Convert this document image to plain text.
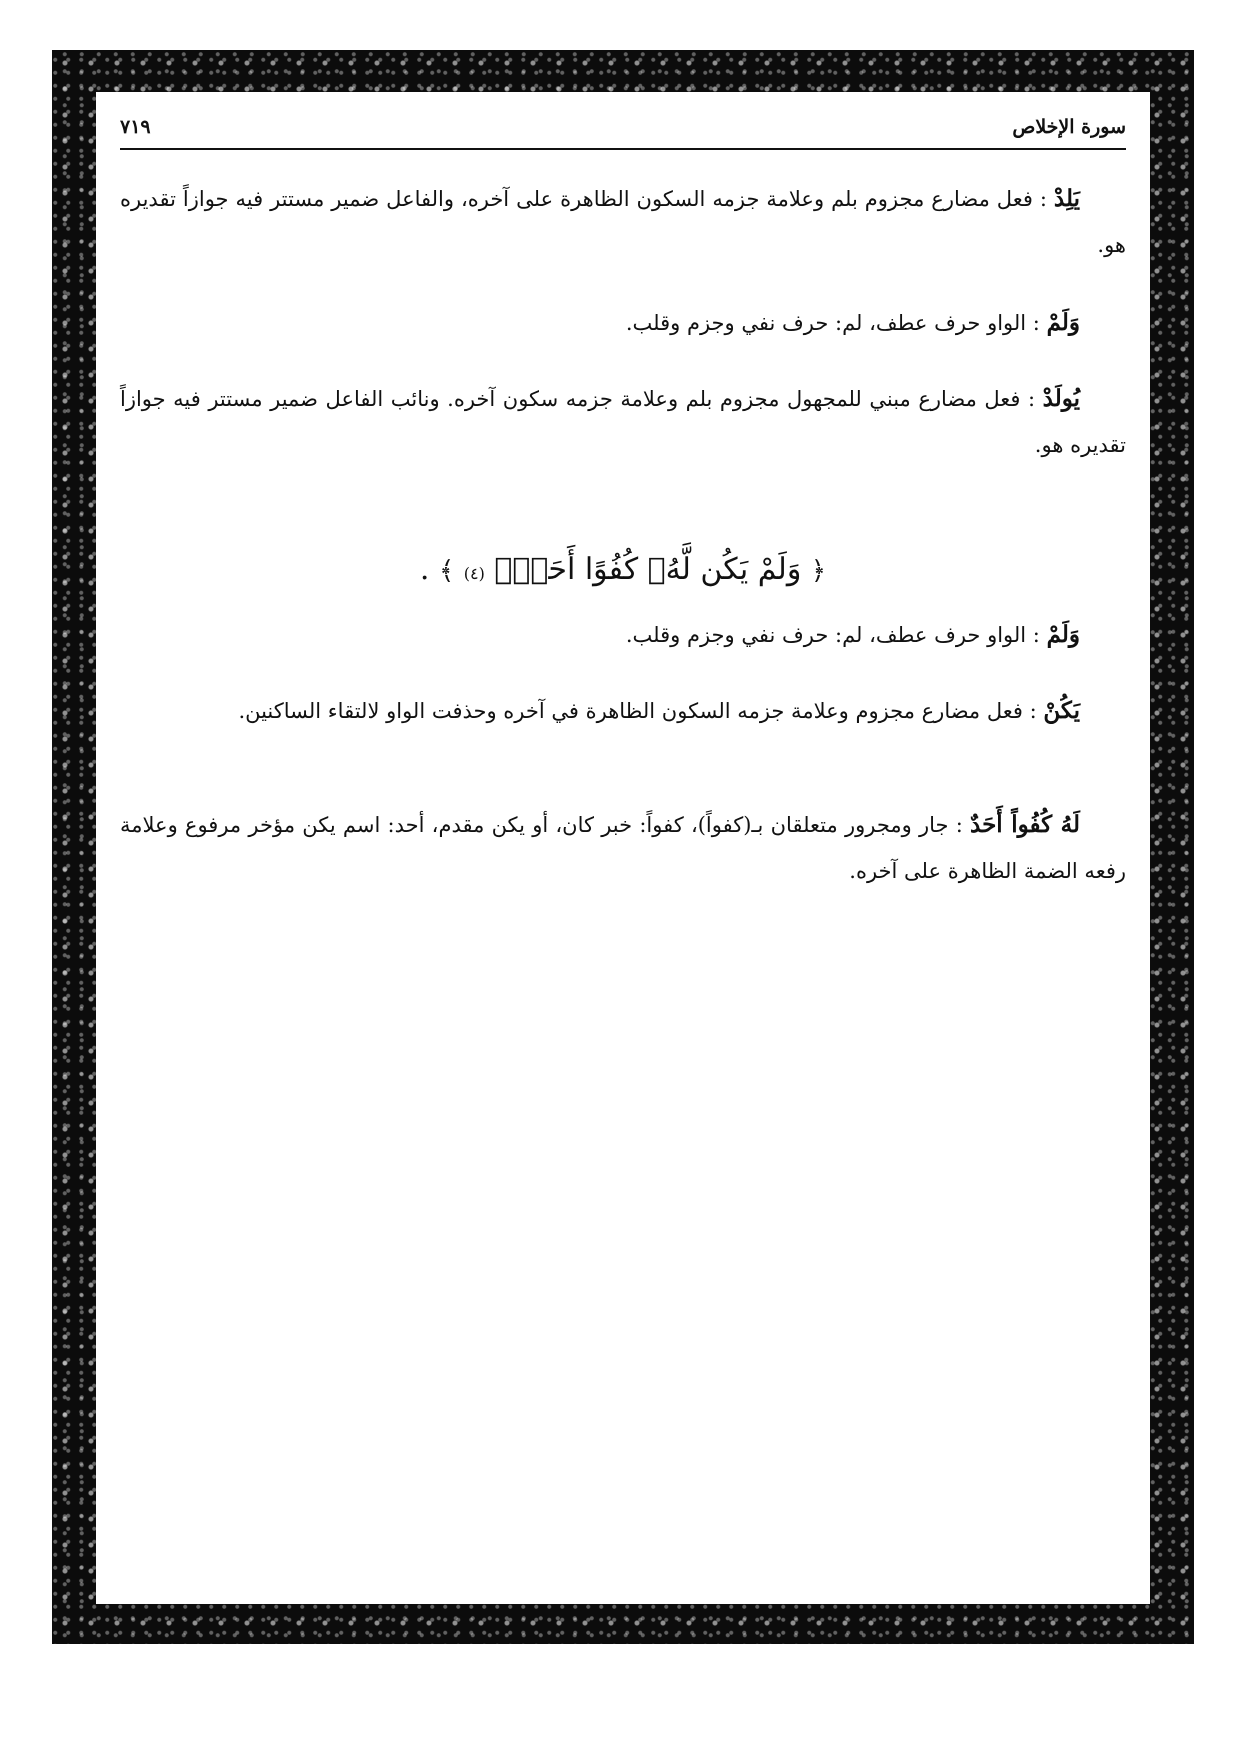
سورة الإخلاص
٧١٩

يَلِدْ : فعل مضارع مجزوم بلم وعلامة جزمه السكون الظاهرة على آخره، والفاعل ضمير مستتر فيه جوازاً تقديره هو.

وَلَمْ : الواو حرف عطف، لم: حرف نفي وجزم وقلب.

يُولَدْ : فعل مضارع مبني للمجهول مجزوم بلم وعلامة جزمه سكون آخره. ونائب الفاعل ضمير مستتر فيه جوازاً تقديره هو.

﴿ وَلَمْ يَكُن لَّهُۥ كُفُوًا أَحَدٌۢ (٤) ﴾ .

وَلَمْ : الواو حرف عطف، لم: حرف نفي وجزم وقلب.

يَكُنْ : فعل مضارع مجزوم وعلامة جزمه السكون الظاهرة في آخره وحذفت الواو لالتقاء الساكنين.

لَهُ كُفُواً أَحَدٌ : جار ومجرور متعلقان بـ(كفواً)، كفواً: خبر كان، أو يكن مقدم، أحد: اسم يكن مؤخر مرفوع وعلامة رفعه الضمة الظاهرة على آخره.
